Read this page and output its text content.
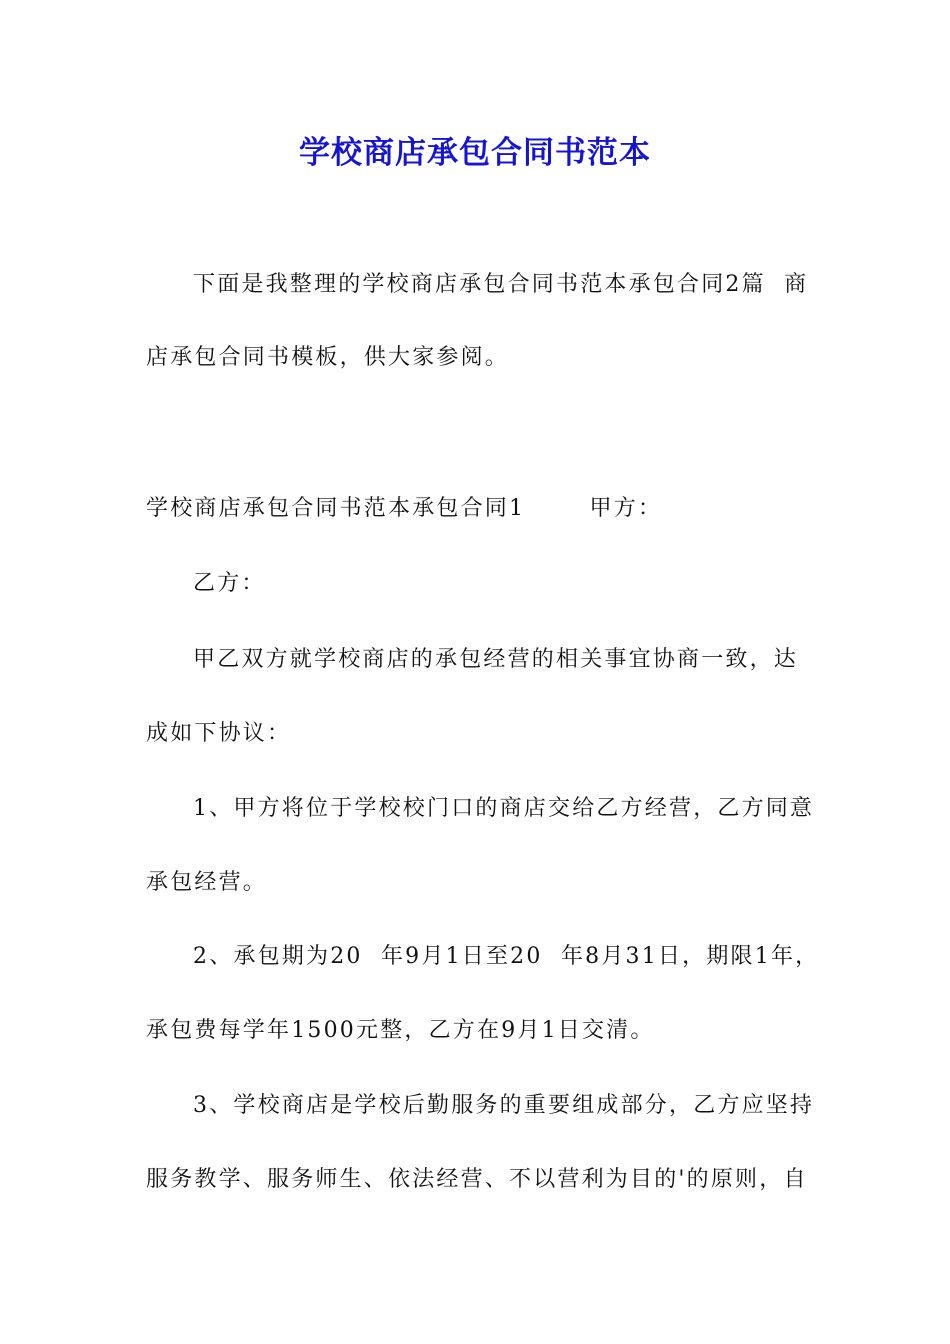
学校商店承包合同书范本

下面是我整理的学校商店承包合同书范本承包合同2篇  商

店承包合同书模板，供大家参阅。

学校商店承包合同书范本承包合同1       甲方：

乙方：

甲乙双方就学校商店的承包经营的相关事宜协商一致，达

成如下协议：

1、甲方将位于学校校门口的商店交给乙方经营，乙方同意

承包经营。

2、承包期为20  年9月1日至20  年8月31日，期限1年，

承包费每学年1500元整，乙方在9月1日交清。

3、学校商店是学校后勤服务的重要组成部分，乙方应坚持

服务教学、服务师生、依法经营、不以营利为目的'的原则，自
